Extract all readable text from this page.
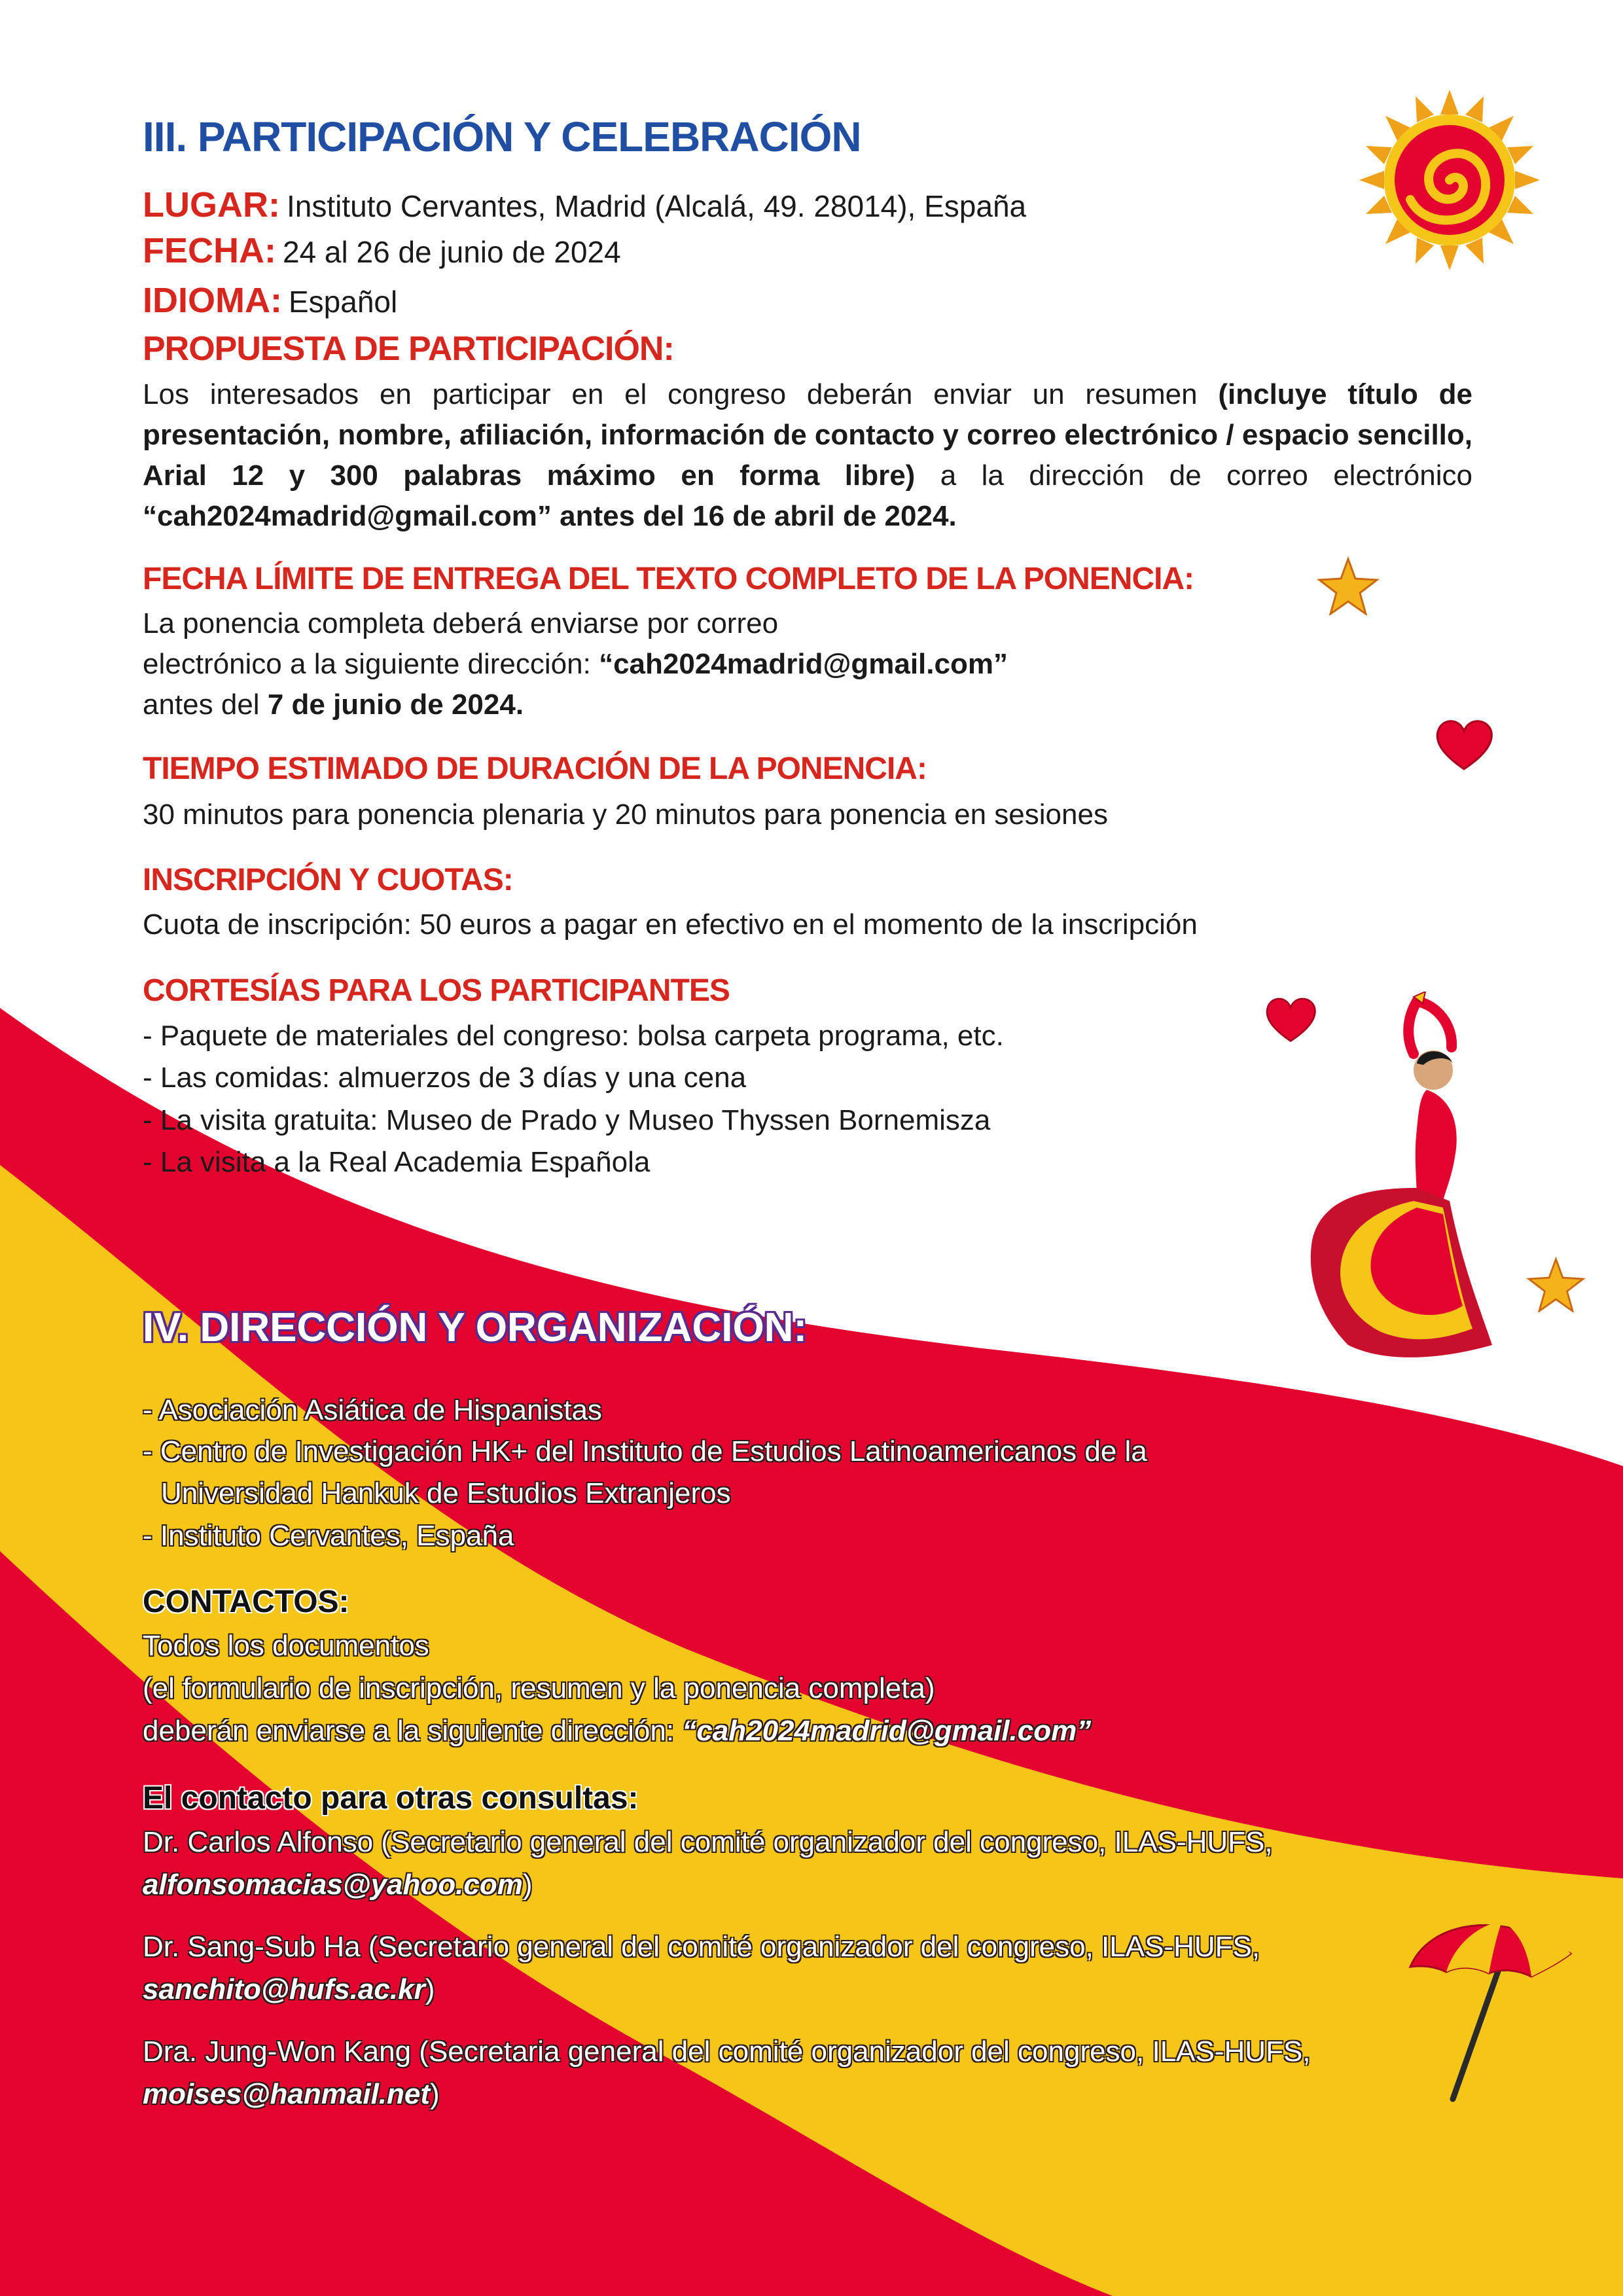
III. PARTICIPACIÓN Y CELEBRACIÓN
LUGAR: Instituto Cervantes, Madrid (Alcalá, 49. 28014), España
FECHA: 24 al 26 de junio de 2024
IDIOMA: Español
PROPUESTA DE PARTICIPACIÓN:
Los interesados en participar en el congreso deberán enviar un resumen (incluye título de presentación, nombre, afiliación, información de contacto y correo electrónico / espacio sencillo, Arial 12 y 300 palabras máximo en forma libre) a la dirección de correo electrónico “cah2024madrid@gmail.com” antes del 16 de abril de 2024.
FECHA LÍMITE DE ENTREGA DEL TEXTO COMPLETO DE LA PONENCIA:
La ponencia completa deberá enviarse por correo
electrónico a la siguiente dirección: “cah2024madrid@gmail.com”
antes del 7 de junio de 2024.
TIEMPO ESTIMADO DE DURACIÓN DE LA PONENCIA:
30 minutos para ponencia plenaria y 20 minutos para ponencia en sesiones
INSCRIPCIÓN Y CUOTAS:
Cuota de inscripción: 50 euros a pagar en efectivo en el momento de la inscripción
CORTESÍAS PARA LOS PARTICIPANTES
- Paquete de materiales del congreso: bolsa carpeta programa, etc.
- Las comidas: almuerzos de 3 días y una cena
- La visita gratuita: Museo de Prado y Museo Thyssen Bornemisza
- La visita a la Real Academia Española
IV. DIRECCIÓN Y ORGANIZACIÓN:
- Asociación Asiática de Hispanistas
- Centro de Investigación HK+ del Instituto de Estudios Latinoamericanos de la
Universidad Hankuk de Estudios Extranjeros
- Instituto Cervantes, España
CONTACTOS:
Todos los documentos
(el formulario de inscripción, resumen y la ponencia completa)
deberán enviarse a la siguiente dirección: “cah2024madrid@gmail.com”
El contacto para otras consultas:
Dr. Carlos Alfonso (Secretario general del comité organizador del congreso, ILAS-HUFS,
alfonsomacias@yahoo.com)
Dr. Sang-Sub Ha (Secretario general del comité organizador del congreso, ILAS-HUFS,
sanchito@hufs.ac.kr)
Dra. Jung-Won Kang (Secretaria general del comité organizador del congreso, ILAS-HUFS,
moises@hanmail.net)
